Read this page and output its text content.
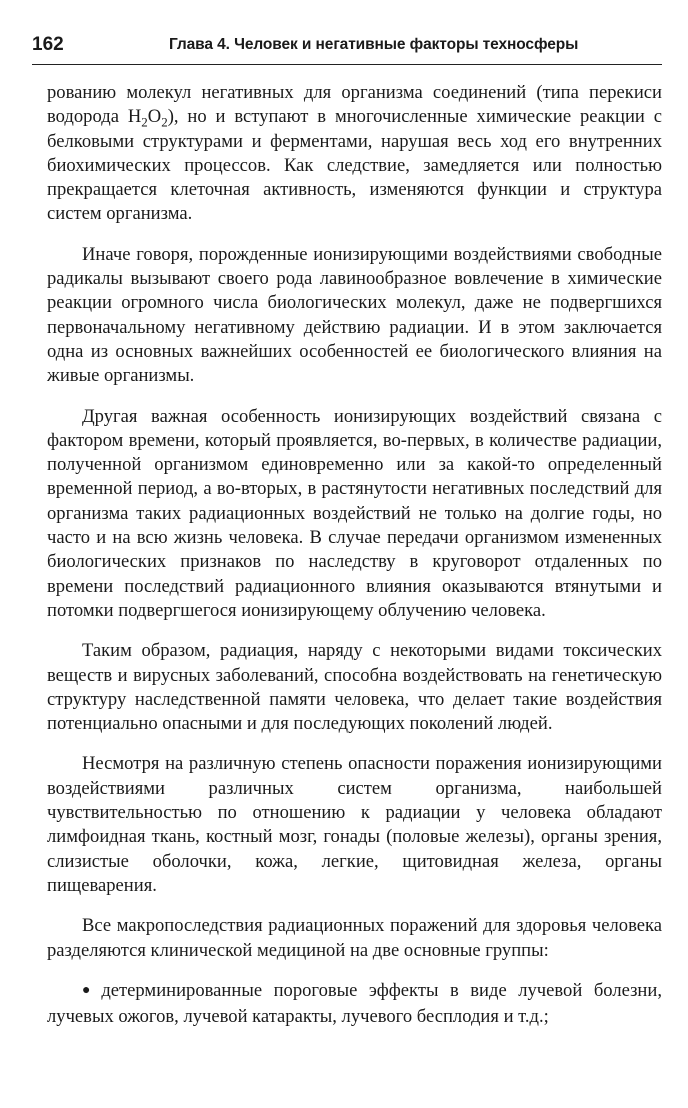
162	Глава 4. Человек и негативные факторы техносферы

рованию молекул негативных для организма соединений (типа перекиси водорода $H_2O_2$), но и вступают в многочисленные химические реакции с белковыми структурами и ферментами, нарушая весь ход его внутренних биохимических процессов. Как следствие, замедляется или полностью прекращается клеточная активность, изменяются функции и структура систем организма.

Иначе говоря, порожденные ионизирующими воздействиями свободные радикалы вызывают своего рода лавинообразное вовлечение в химические реакции огромного числа биологических молекул, даже не подвергшихся первоначальному негативному действию радиации. И в этом заключается одна из основных важнейших особенностей ее биологического влияния на живые организмы.

Другая важная особенность ионизирующих воздействий связана с фактором времени, который проявляется, во-первых, в количестве радиации, полученной организмом единовременно или за какой-то определенный временной период, а во-вторых, в растянутости негативных последствий для организма таких радиационных воздействий не только на долгие годы, но часто и на всю жизнь человека. В случае передачи организмом измененных биологических признаков по наследству в круговорот отдаленных по времени последствий радиационного влияния оказываются втянутыми и потомки подвергшегося ионизирующему облучению человека.

Таким образом, радиация, наряду с некоторыми видами токсических веществ и вирусных заболеваний, способна воздействовать на генетическую структуру наследственной памяти человека, что делает такие воздействия потенциально опасными и для последующих поколений людей.

Несмотря на различную степень опасности поражения ионизирующими воздействиями различных систем организма, наибольшей чувствительностью по отношению к радиации у человека обладают лимфоидная ткань, костный мозг, гонады (половые железы), органы зрения, слизистые оболочки, кожа, легкие, щитовидная железа, органы пищеварения.

Все макропоследствия радиационных поражений для здоровья человека разделяются клинической медициной на две основные группы:

● детерминированные пороговые эффекты в виде лучевой болезни, лучевых ожогов, лучевой катаракты, лучевого бесплодия и т.д.;
